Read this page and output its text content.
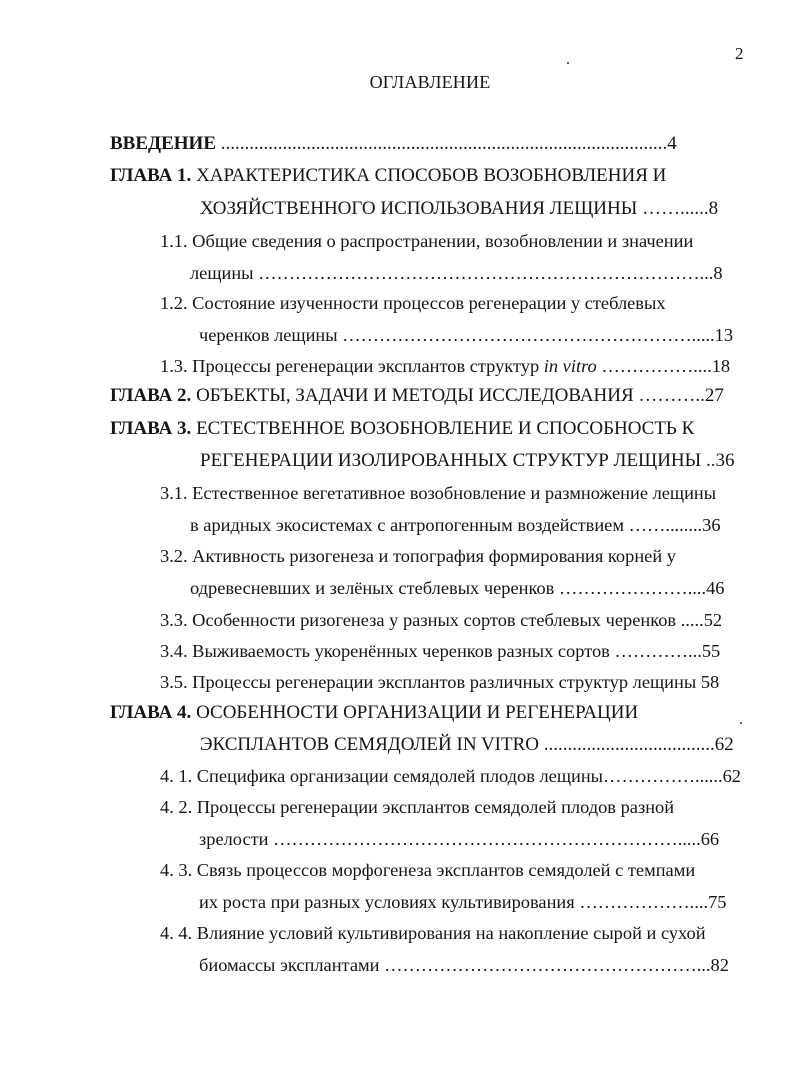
2
ОГЛАВЛЕНИЕ
ВВЕДЕНИЕ ..............................................................................................4
ГЛАВА 1. ХАРАКТЕРИСТИКА СПОСОБОВ ВОЗОБНОВЛЕНИЯ И
ХОЗЯЙСТВЕННОГО ИСПОЛЬЗОВАНИЯ ЛЕЩИНЫ ……......8
1.1. Общие сведения о распространении, возобновлении и значении
лещины ………………………………………………………………...8
1.2. Состояние изученности процессов регенерации у стеблевых
черенков лещины ………………………………………………….....13
1.3. Процессы регенерации эксплантов структур in vitro ……………....18
ГЛАВА 2. ОБЪЕКТЫ, ЗАДАЧИ И МЕТОДЫ ИССЛЕДОВАНИЯ ………..27
ГЛАВА 3. ЕСТЕСТВЕННОЕ ВОЗОБНОВЛЕНИЕ И СПОСОБНОСТЬ К
РЕГЕНЕРАЦИИ ИЗОЛИРОВАННЫХ СТРУКТУР ЛЕЩИНЫ ..36
3.1. Естественное вегетативное возобновление и размножение лещины
в аридных экосистемах с антропогенным воздействием ……........36
3.2. Активность ризогенеза и топография формирования корней у
одревесневших и зелёных стеблевых черенков …………………....46
3.3. Особенности ризогенеза у разных сортов стеблевых черенков .....52
3.4. Выживаемость укоренённых черенков разных сортов …………...55
3.5. Процессы регенерации эксплантов различных структур лещины 58
ГЛАВА 4. ОСОБЕННОСТИ ОРГАНИЗАЦИИ И РЕГЕНЕРАЦИИ
ЭКСПЛАНТОВ СЕМЯДОЛЕЙ IN VITRO ....................................62
4. 1. Специфика организации семядолей плодов лещины……………......62
4. 2. Процессы регенерации эксплантов семядолей плодов разной
зрелости ………………………………………………………….....66
4. 3. Связь процессов морфогенеза эксплантов семядолей с темпами
их роста при разных условиях культивирования ………………....75
4. 4. Влияние условий культивирования на накопление сырой и сухой
биомассы эксплантами ……………………………………………...82
